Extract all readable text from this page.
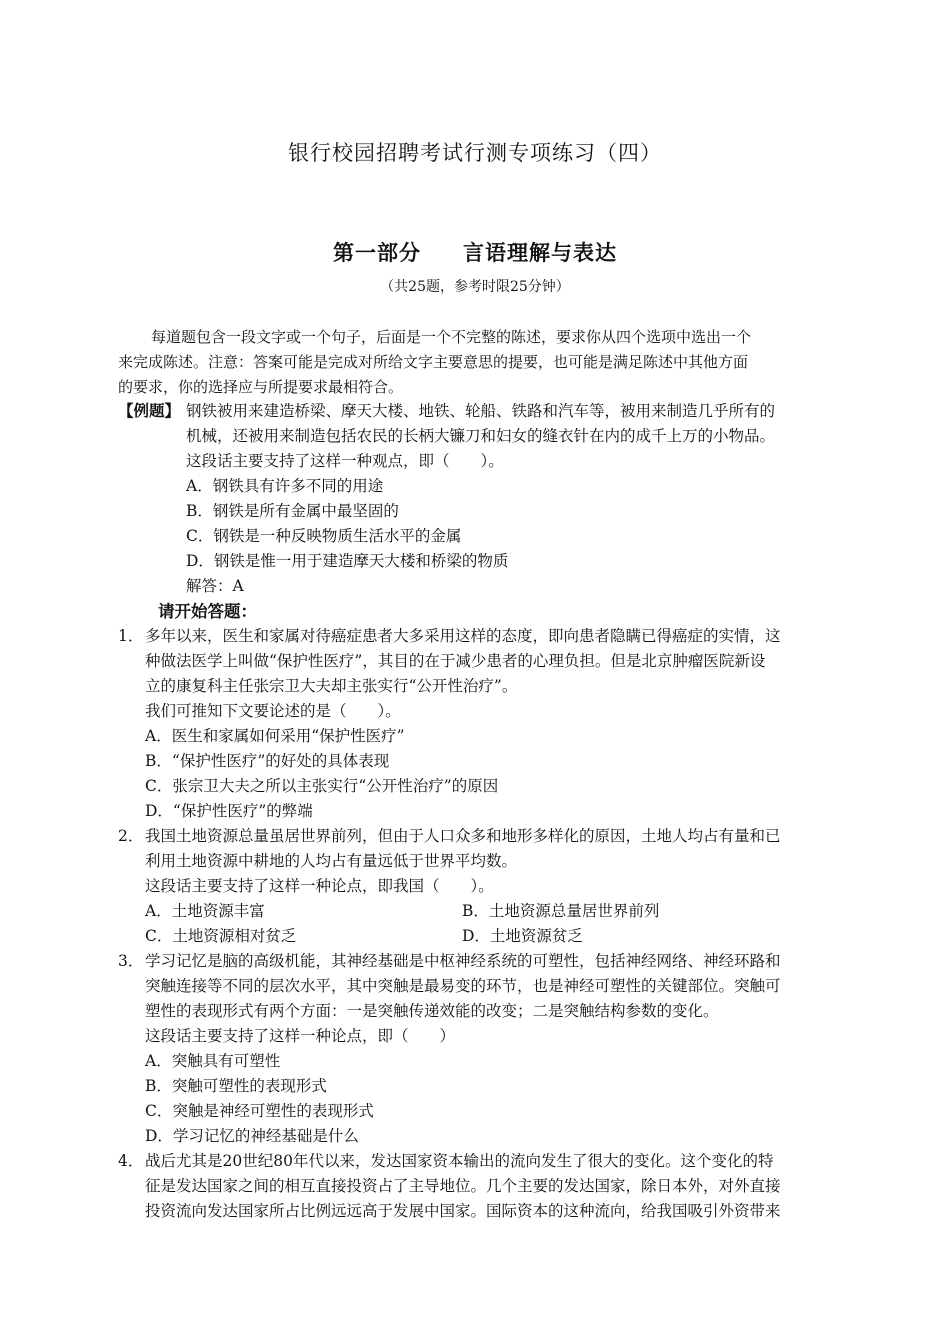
银行校园招聘考试行测专项练习（四）
第一部分 言语理解与表达
（共25题，参考时限25分钟）
每道题包含一段文字或一个句子，后面是一个不完整的陈述，要求你从四个选项中选出一个
来完成陈述。注意：答案可能是完成对所给文字主要意思的提要，也可能是满足陈述中其他方面
的要求，你的选择应与所提要求最相符合。
【例题】 钢铁被用来建造桥梁、摩天大楼、地铁、轮船、铁路和汽车等，被用来制造几乎所有的
机械，还被用来制造包括农民的长柄大镰刀和妇女的缝衣针在内的成千上万的小物品。
这段话主要支持了这样一种观点，即（　　）。
A．钢铁具有许多不同的用途
B．钢铁是所有金属中最坚固的
C．钢铁是一种反映物质生活水平的金属
D．钢铁是惟一用于建造摩天大楼和桥梁的物质
解答：A
请开始答题：
1． 多年以来，医生和家属对待癌症患者大多采用这样的态度，即向患者隐瞒已得癌症的实情，这
种做法医学上叫做“保护性医疗”，其目的在于减少患者的心理负担。但是北京肿瘤医院新设
立的康复科主任张宗卫大夫却主张实行“公开性治疗”。
我们可推知下文要论述的是（　　）。
A．医生和家属如何采用“保护性医疗”
B．“保护性医疗”的好处的具体表现
C．张宗卫大夫之所以主张实行“公开性治疗”的原因
D．“保护性医疗”的弊端
2． 我国土地资源总量虽居世界前列，但由于人口众多和地形多样化的原因，土地人均占有量和已
利用土地资源中耕地的人均占有量远低于世界平均数。
这段话主要支持了这样一种论点，即我国（　　）。
A．土地资源丰富	B．土地资源总量居世界前列
C．土地资源相对贫乏	D．土地资源贫乏
3． 学习记忆是脑的高级机能，其神经基础是中枢神经系统的可塑性，包括神经网络、神经环路和
突触连接等不同的层次水平，其中突触是最易变的环节，也是神经可塑性的关键部位。突触可
塑性的表现形式有两个方面：一是突触传递效能的改变；二是突触结构参数的变化。
这段话主要支持了这样一种论点，即（　　）
A．突触具有可塑性
B．突触可塑性的表现形式
C．突触是神经可塑性的表现形式
D．学习记忆的神经基础是什么
4． 战后尤其是20世纪80年代以来，发达国家资本输出的流向发生了很大的变化。这个变化的特
征是发达国家之间的相互直接投资占了主导地位。几个主要的发达国家，除日本外，对外直接
投资流向发达国家所占比例远远高于发展中国家。国际资本的这种流向，给我国吸引外资带来
